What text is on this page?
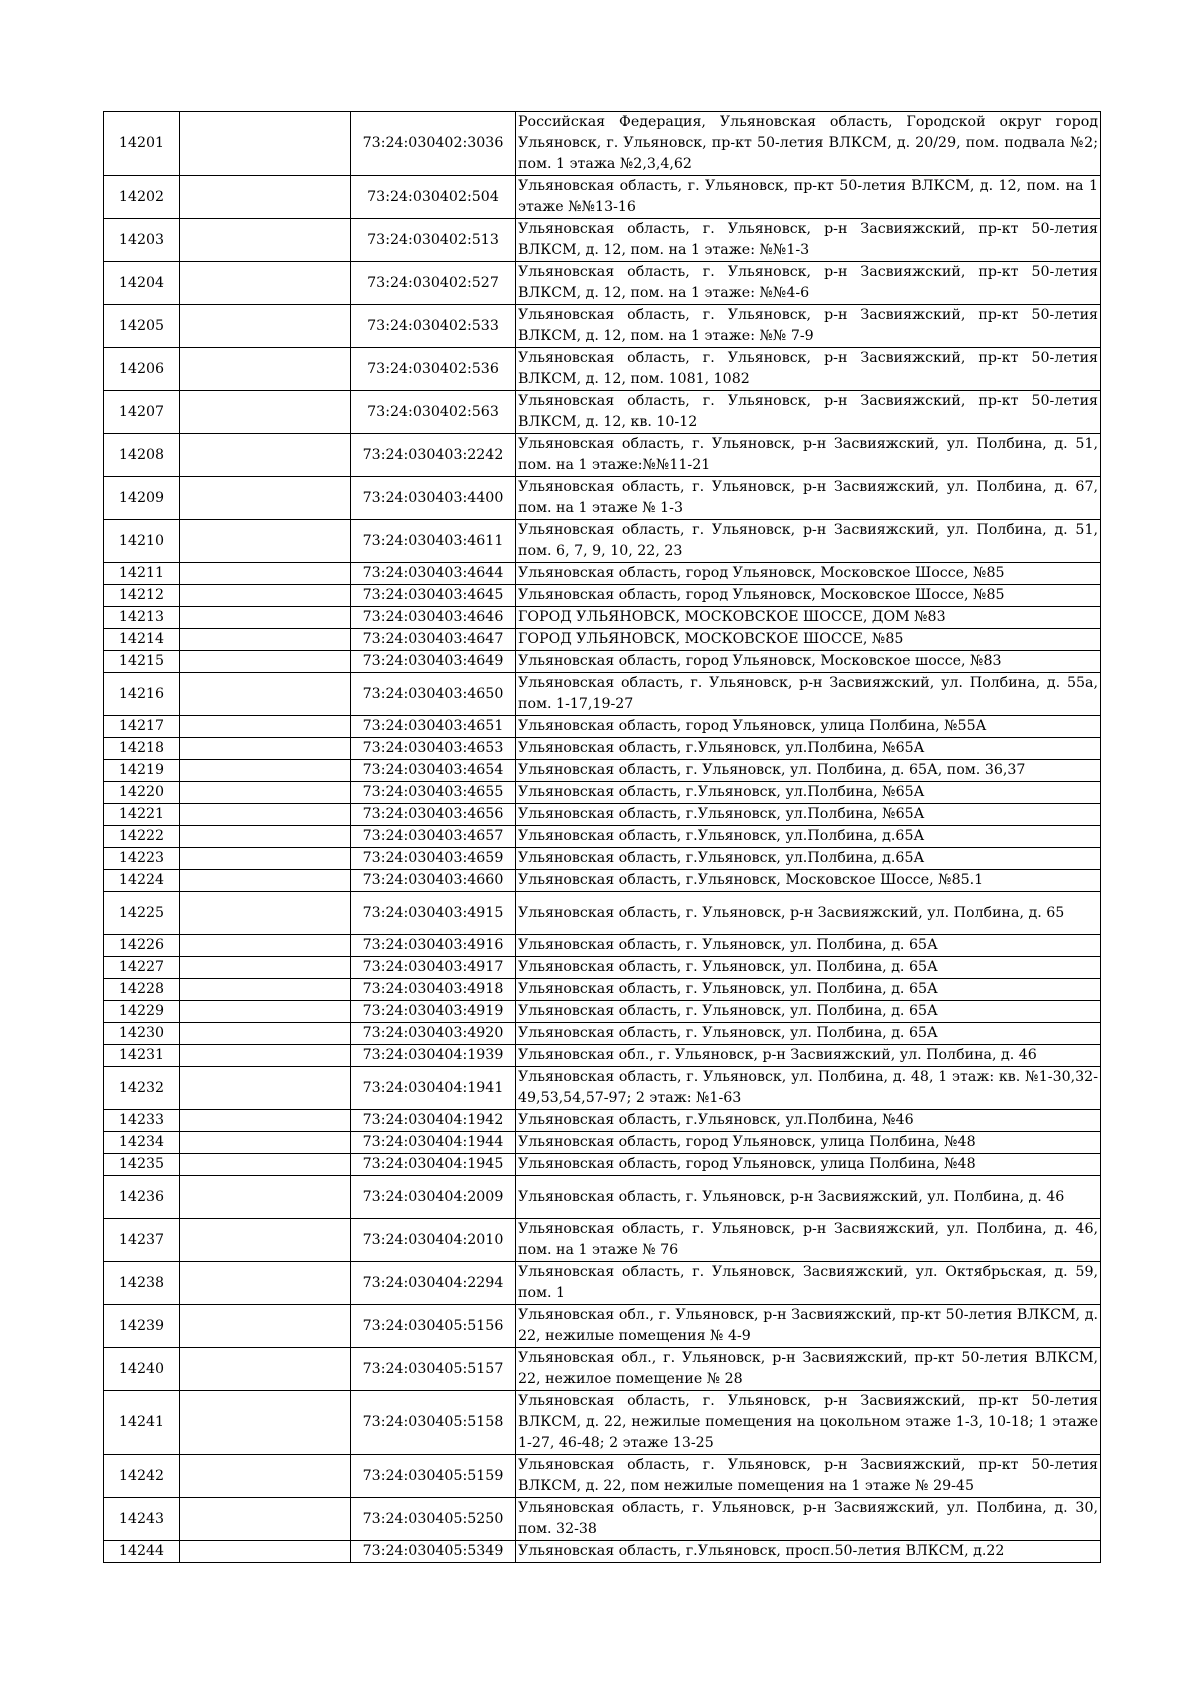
14201		73:24:030402:3036	Российская Федерация, Ульяновская область, Городской округ город Ульяновск, г. Ульяновск, пр-кт 50-летия ВЛКСМ, д. 20/29, пом. подвала №2; пом. 1 этажа №2,3,4,62
14202		73:24:030402:504	Ульяновская область, г. Ульяновск, пр-кт 50-летия ВЛКСМ, д. 12, пом. на 1 этаже №№13-16
14203		73:24:030402:513	Ульяновская область, г. Ульяновск, р-н Засвияжский, пр-кт 50-летия ВЛКСМ, д. 12, пом. на 1 этаже: №№1-3
14204		73:24:030402:527	Ульяновская область, г. Ульяновск, р-н Засвияжский, пр-кт 50-летия ВЛКСМ, д. 12, пом. на 1 этаже: №№4-6
14205		73:24:030402:533	Ульяновская область, г. Ульяновск, р-н Засвияжский, пр-кт 50-летия ВЛКСМ, д. 12, пом. на 1 этаже: №№ 7-9
14206		73:24:030402:536	Ульяновская область, г. Ульяновск, р-н Засвияжский, пр-кт 50-летия ВЛКСМ, д. 12, пом. 1081, 1082
14207		73:24:030402:563	Ульяновская область, г. Ульяновск, р-н Засвияжский, пр-кт 50-летия ВЛКСМ, д. 12, кв. 10-12
14208		73:24:030403:2242	Ульяновская область, г. Ульяновск, р-н Засвияжский, ул. Полбина, д. 51, пом. на 1 этаже:№№11-21
14209		73:24:030403:4400	Ульяновская область, г. Ульяновск, р-н Засвияжский, ул. Полбина, д. 67, пом. на 1 этаже № 1-3
14210		73:24:030403:4611	Ульяновская область, г. Ульяновск, р-н Засвияжский, ул. Полбина, д. 51, пом. 6, 7, 9, 10, 22, 23
14211		73:24:030403:4644	Ульяновская область, город Ульяновск, Московское Шоссе, №85
14212		73:24:030403:4645	Ульяновская область, город Ульяновск, Московское Шоссе, №85
14213		73:24:030403:4646	ГОРОД УЛЬЯНОВСК, МОСКОВСКОЕ ШОССЕ, ДОМ №83
14214		73:24:030403:4647	ГОРОД УЛЬЯНОВСК, МОСКОВСКОЕ ШОССЕ, №85
14215		73:24:030403:4649	Ульяновская область, город Ульяновск, Московское шоссе, №83
14216		73:24:030403:4650	Ульяновская область, г. Ульяновск, р-н Засвияжский, ул. Полбина, д. 55а, пом. 1-17,19-27
14217		73:24:030403:4651	Ульяновская область, город Ульяновск, улица Полбина, №55А
14218		73:24:030403:4653	Ульяновская область, г.Ульяновск, ул.Полбина, №65А
14219		73:24:030403:4654	Ульяновская область, г. Ульяновск, ул. Полбина, д. 65А, пом. 36,37
14220		73:24:030403:4655	Ульяновская область, г.Ульяновск, ул.Полбина, №65А
14221		73:24:030403:4656	Ульяновская область, г.Ульяновск, ул.Полбина, №65А
14222		73:24:030403:4657	Ульяновская область, г.Ульяновск, ул.Полбина, д.65А
14223		73:24:030403:4659	Ульяновская область, г.Ульяновск, ул.Полбина, д.65А
14224		73:24:030403:4660	Ульяновская область, г.Ульяновск, Московское Шоссе, №85.1
14225		73:24:030403:4915	Ульяновская область, г. Ульяновск, р-н Засвияжский, ул. Полбина, д. 65
14226		73:24:030403:4916	Ульяновская область, г. Ульяновск, ул. Полбина, д. 65А
14227		73:24:030403:4917	Ульяновская область, г. Ульяновск, ул. Полбина, д. 65А
14228		73:24:030403:4918	Ульяновская область, г. Ульяновск, ул. Полбина, д. 65А
14229		73:24:030403:4919	Ульяновская область, г. Ульяновск, ул. Полбина, д. 65А
14230		73:24:030403:4920	Ульяновская область, г. Ульяновск, ул. Полбина, д. 65А
14231		73:24:030404:1939	Ульяновская обл., г. Ульяновск, р-н Засвияжский, ул. Полбина, д. 46
14232		73:24:030404:1941	Ульяновская область, г. Ульяновск, ул. Полбина, д. 48, 1 этаж: кв. №1-30,32-49,53,54,57-97; 2 этаж: №1-63
14233		73:24:030404:1942	Ульяновская область, г.Ульяновск, ул.Полбина, №46
14234		73:24:030404:1944	Ульяновская область, город Ульяновск, улица Полбина, №48
14235		73:24:030404:1945	Ульяновская область, город Ульяновск, улица Полбина, №48
14236		73:24:030404:2009	Ульяновская область, г. Ульяновск, р-н Засвияжский, ул. Полбина, д. 46
14237		73:24:030404:2010	Ульяновская область, г. Ульяновск, р-н Засвияжский, ул. Полбина, д. 46, пом. на 1 этаже № 76
14238		73:24:030404:2294	Ульяновская область, г. Ульяновск, Засвияжский, ул. Октябрьская, д. 59, пом. 1
14239		73:24:030405:5156	Ульяновская обл., г. Ульяновск, р-н Засвияжский, пр-кт 50-летия ВЛКСМ, д. 22, нежилые помещения № 4-9
14240		73:24:030405:5157	Ульяновская обл., г. Ульяновск, р-н Засвияжский, пр-кт 50-летия ВЛКСМ, 22, нежилое помещение № 28
14241		73:24:030405:5158	Ульяновская область, г. Ульяновск, р-н Засвияжский, пр-кт 50-летия ВЛКСМ, д. 22, нежилые помещения на цокольном этаже 1-3, 10-18; 1 этаже 1-27, 46-48; 2 этаже 13-25
14242		73:24:030405:5159	Ульяновская область, г. Ульяновск, р-н Засвияжский, пр-кт 50-летия ВЛКСМ, д. 22, пом нежилые помещения на 1 этаже № 29-45
14243		73:24:030405:5250	Ульяновская область, г. Ульяновск, р-н Засвияжский, ул. Полбина, д. 30, пом. 32-38
14244		73:24:030405:5349	Ульяновская область, г.Ульяновск, просп.50-летия ВЛКСМ, д.22
